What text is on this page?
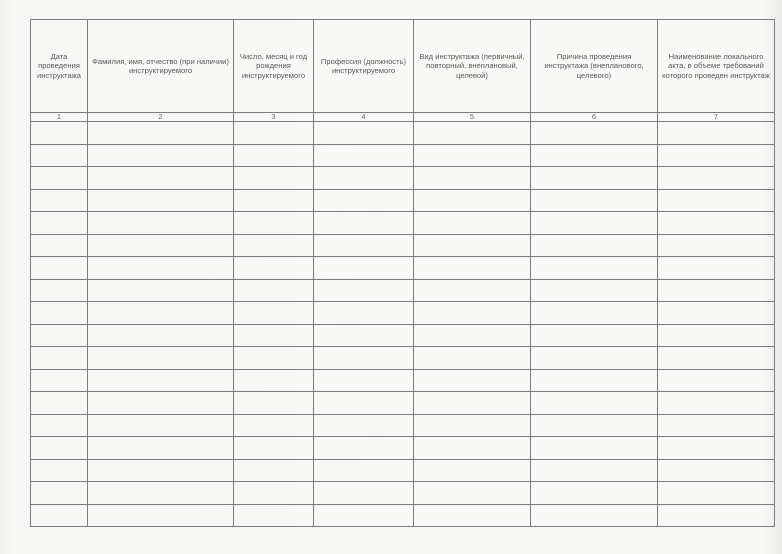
Дата проведения инструктажа	Фамилия, имя, отчество (при наличии) инструктируемого	Число, месяц и год рождения инструктируемого	Профессия (должность) инструктируемого	Вид инструктажа (первичный, повторный, внеплановый, целевой)	Причина проведения инструктажа (внепланового, целевого)	Наименование локального акта, в объеме требований которого проведен инструктаж
1	2	3	4	5	6	7
